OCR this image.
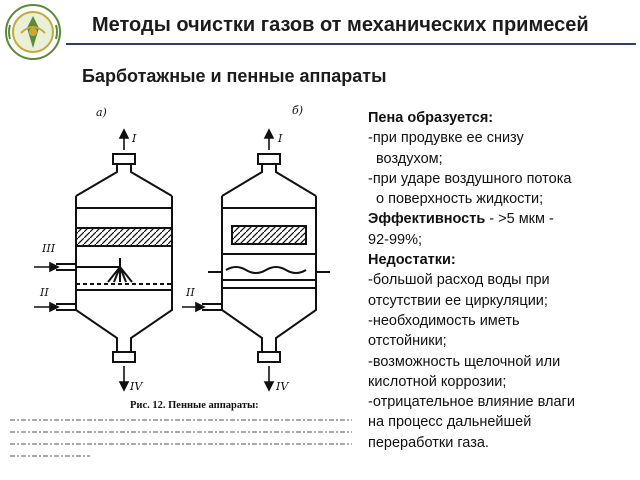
Методы очистки газов от механических примесей
Барботажные и пенные аппараты
а)	б)
I	I
III
II	II
IV	IV
Рис. 12. Пенные аппараты:
Пена образуется:
-при продувке ее снизу
воздухом;
-при ударе воздушного потока
о поверхность жидкости;
Эффективность - >5 мкм -
92-99%;
Недостатки:
-большой расход воды при
отсутствии ее циркуляции;
-необходимость иметь
отстойники;
-возможность щелочной или
кислотной коррозии;
-отрицательное влияние влаги
на процесс дальнейшей
переработки газа.
